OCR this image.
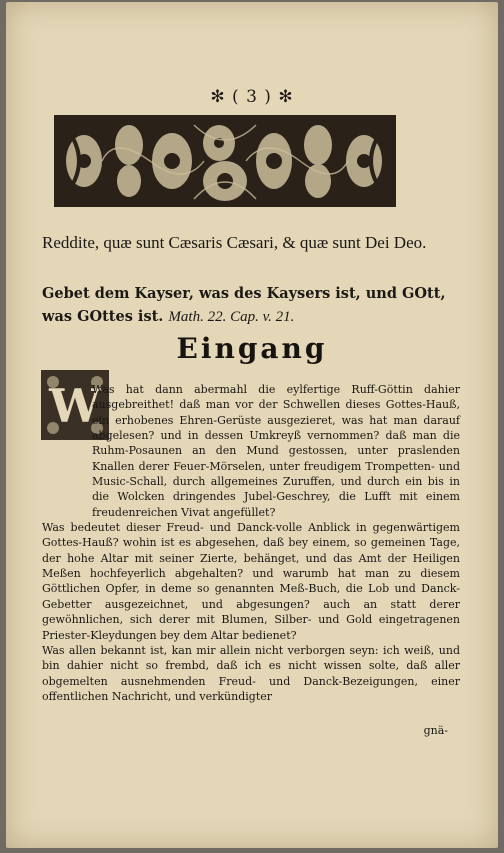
✻ ( 3 ) ✻
Reddite, quæ sunt Cæsaris Cæsari, & quæ sunt Dei Deo.
Gebet dem Kayser, was des Kaysers ist, und GOtt, was GOttes ist. Math. 22. Cap. v. 21.
Eingang
W

Was hat dann abermahl die eylfertige Ruff-Göttin dahier ausgebreithet! daß man vor der Schwellen dieses Gottes-Hauß, ein erhobenes Ehren-Gerüste ausgezieret, was hat man darauf abgelesen? und in dessen Umkreyß vernommen? daß man die Ruhm-Posaunen an den Mund gestossen, unter praslenden Knallen derer Feuer-Mörselen, unter freudigem Trompetten- und Music-Schall, durch allgemeines Zuruffen, und durch ein bis in die Wolcken dringendes Jubel-Geschrey, die Lufft mit einem freudenreichen Vivat angefüllet?

Was bedeutet dieser Freud- und Danck-volle Anblick in gegenwärtigem Gottes-Hauß? wohin ist es abgesehen, daß bey einem, so gemeinen Tage, der hohe Altar mit seiner Zierte, behänget, und das Amt der Heiligen Meßen hochfeyerlich abgehalten? und warumb hat man zu diesem Göttlichen Opfer, in deme so genannten Meß-Buch, die Lob und Danck-Gebetter ausgezeichnet, und abgesungen? auch an statt derer gewöhnlichen, sich derer mit Blumen, Silber- und Gold eingetragenen Priester-Kleydungen bey dem Altar bedienet?

Was allen bekannt ist, kan mir allein nicht verborgen seyn: ich weiß, und bin dahier nicht so frembd, daß ich es nicht wissen solte, daß aller obgemelten ausnehmenden Freud- und Danck-Bezeigungen, einer offentlichen Nachricht, und verkündigter

gnä-
